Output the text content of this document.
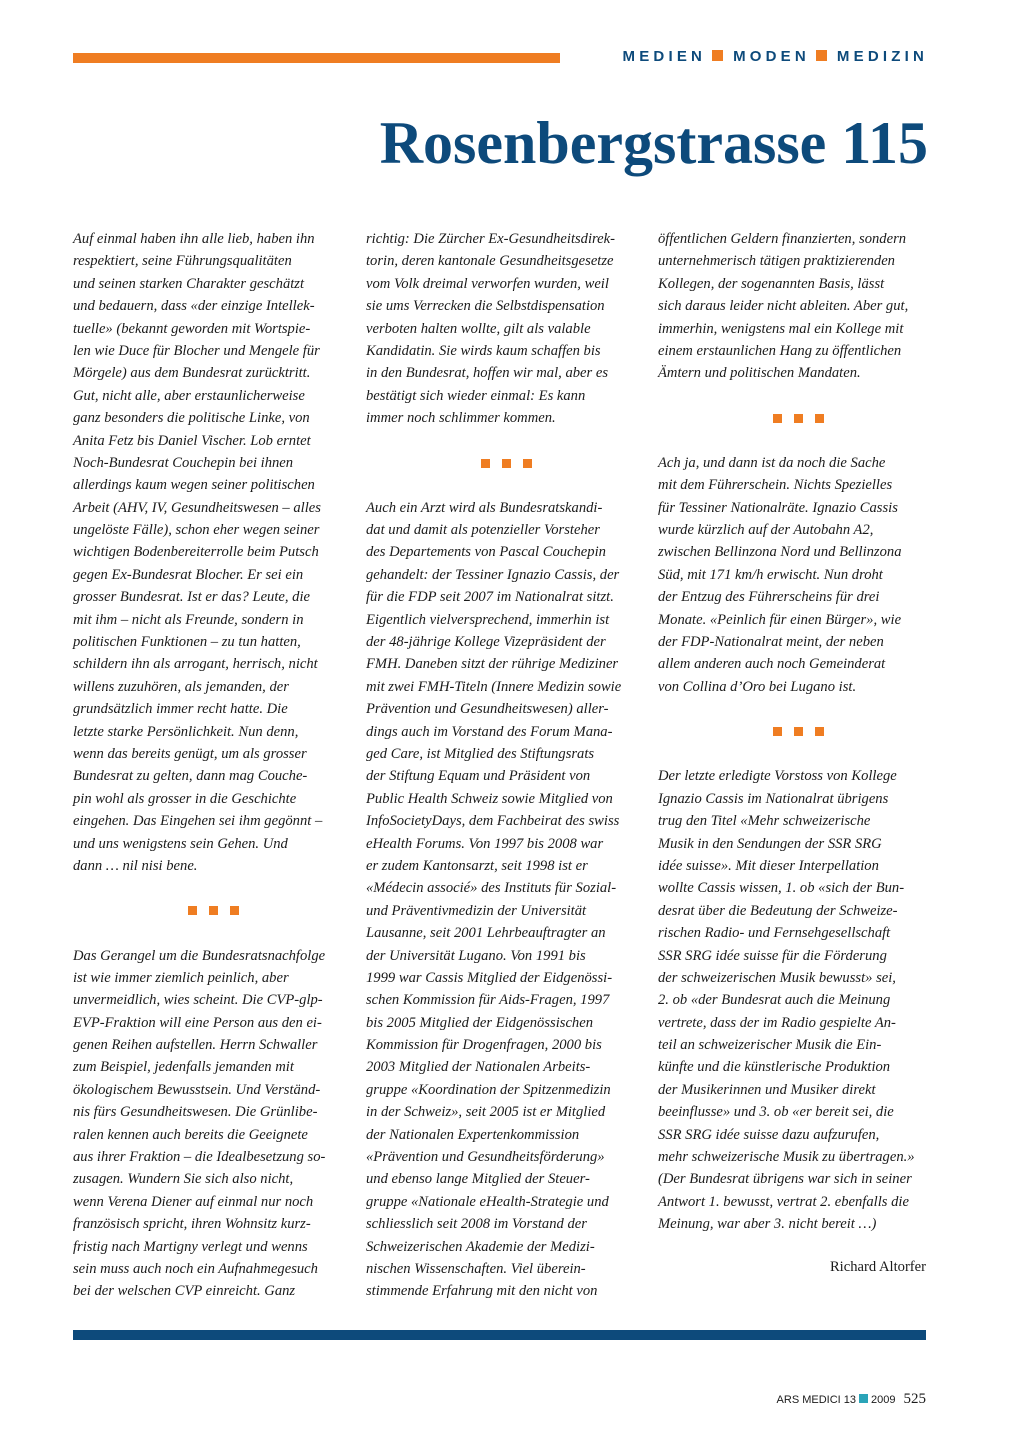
MEDIEN MODEN MEDIZIN
Rosenbergstrasse 115
Auf einmal haben ihn alle lieb, haben ihn
respektiert, seine Führungsqualitäten
und seinen starken Charakter geschätzt
und bedauern, dass «der einzige Intellek-
tuelle» (bekannt geworden mit Wortspie-
len wie Duce für Blocher und Mengele für
Mörgele) aus dem Bundesrat zurücktritt.
Gut, nicht alle, aber erstaunlicherweise
ganz besonders die politische Linke, von
Anita Fetz bis Daniel Vischer. Lob erntet
Noch-Bundesrat Couchepin bei ihnen
allerdings kaum wegen seiner politischen
Arbeit (AHV, IV, Gesundheitswesen – alles
ungelöste Fälle), schon eher wegen seiner
wichtigen Bodenbereiterrolle beim Putsch
gegen Ex-Bundesrat Blocher. Er sei ein
grosser Bundesrat. Ist er das? Leute, die
mit ihm – nicht als Freunde, sondern in
politischen Funktionen – zu tun hatten,
schildern ihn als arrogant, herrisch, nicht
willens zuzuhören, als jemanden, der
grundsätzlich immer recht hatte. Die
letzte starke Persönlichkeit. Nun denn,
wenn das bereits genügt, um als grosser
Bundesrat zu gelten, dann mag Couche-
pin wohl als grosser in die Geschichte
eingehen. Das Eingehen sei ihm gegönnt –
und uns wenigstens sein Gehen. Und
dann … nil nisi bene.
Das Gerangel um die Bundesratsnachfolge
ist wie immer ziemlich peinlich, aber
unvermeidlich, wies scheint. Die CVP-glp-
EVP-Fraktion will eine Person aus den ei-
genen Reihen aufstellen. Herrn Schwaller
zum Beispiel, jedenfalls jemanden mit
ökologischem Bewusstsein. Und Verständ-
nis fürs Gesundheitswesen. Die Grünlibe-
ralen kennen auch bereits die Geeignete
aus ihrer Fraktion – die Idealbesetzung so-
zusagen. Wundern Sie sich also nicht,
wenn Verena Diener auf einmal nur noch
französisch spricht, ihren Wohnsitz kurz-
fristig nach Martigny verlegt und wenns
sein muss auch noch ein Aufnahmegesuch
bei der welschen CVP einreicht. Ganz
richtig: Die Zürcher Ex-Gesundheitsdirek-
torin, deren kantonale Gesundheitsgesetze
vom Volk dreimal verworfen wurden, weil
sie ums Verrecken die Selbstdispensation
verboten halten wollte, gilt als valable
Kandidatin. Sie wirds kaum schaffen bis
in den Bundesrat, hoffen wir mal, aber es
bestätigt sich wieder einmal: Es kann
immer noch schlimmer kommen.
Auch ein Arzt wird als Bundesratskandi-
dat und damit als potenzieller Vorsteher
des Departements von Pascal Couchepin
gehandelt: der Tessiner Ignazio Cassis, der
für die FDP seit 2007 im Nationalrat sitzt.
Eigentlich vielversprechend, immerhin ist
der 48-jährige Kollege Vizepräsident der
FMH. Daneben sitzt der rührige Mediziner
mit zwei FMH-Titeln (Innere Medizin sowie
Prävention und Gesundheitswesen) aller-
dings auch im Vorstand des Forum Mana-
ged Care, ist Mitglied des Stiftungsrats
der Stiftung Equam und Präsident von
Public Health Schweiz sowie Mitglied von
InfoSocietyDays, dem Fachbeirat des swiss
eHealth Forums. Von 1997 bis 2008 war
er zudem Kantonsarzt, seit 1998 ist er
«Médecin associé» des Instituts für Sozial-
und Präventivmedizin der Universität
Lausanne, seit 2001 Lehrbeauftragter an
der Universität Lugano. Von 1991 bis
1999 war Cassis Mitglied der Eidgenössi-
schen Kommission für Aids-Fragen, 1997
bis 2005 Mitglied der Eidgenössischen
Kommission für Drogenfragen, 2000 bis
2003 Mitglied der Nationalen Arbeits-
gruppe «Koordination der Spitzenmedizin
in der Schweiz», seit 2005 ist er Mitglied
der Nationalen Expertenkommission
«Prävention und Gesundheitsförderung»
und ebenso lange Mitglied der Steuer-
gruppe «Nationale eHealth-Strategie und
schliesslich seit 2008 im Vorstand der
Schweizerischen Akademie der Medizi-
nischen Wissenschaften. Viel überein-
stimmende Erfahrung mit den nicht von
öffentlichen Geldern finanzierten, sondern
unternehmerisch tätigen praktizierenden
Kollegen, der sogenannten Basis, lässt
sich daraus leider nicht ableiten. Aber gut,
immerhin, wenigstens mal ein Kollege mit
einem erstaunlichen Hang zu öffentlichen
Ämtern und politischen Mandaten.
Ach ja, und dann ist da noch die Sache
mit dem Führerschein. Nichts Spezielles
für Tessiner Nationalräte. Ignazio Cassis
wurde kürzlich auf der Autobahn A2,
zwischen Bellinzona Nord und Bellinzona
Süd, mit 171 km/h erwischt. Nun droht
der Entzug des Führerscheins für drei
Monate. «Peinlich für einen Bürger», wie
der FDP-Nationalrat meint, der neben
allem anderen auch noch Gemeinderat
von Collina d’Oro bei Lugano ist.
Der letzte erledigte Vorstoss von Kollege
Ignazio Cassis im Nationalrat übrigens
trug den Titel «Mehr schweizerische
Musik in den Sendungen der SSR SRG
idée suisse». Mit dieser Interpellation
wollte Cassis wissen, 1. ob «sich der Bun-
desrat über die Bedeutung der Schweize-
rischen Radio- und Fernsehgesellschaft
SSR SRG idée suisse für die Förderung
der schweizerischen Musik bewusst» sei,
2. ob «der Bundesrat auch die Meinung
vertrete, dass der im Radio gespielte An-
teil an schweizerischer Musik die Ein-
künfte und die künstlerische Produktion
der Musikerinnen und Musiker direkt
beeinflusse» und 3. ob «er bereit sei, die
SSR SRG idée suisse dazu aufzurufen,
mehr schweizerische Musik zu übertragen.»
(Der Bundesrat übrigens war sich in seiner
Antwort 1. bewusst, vertrat 2. ebenfalls die
Meinung, war aber 3. nicht bereit …)
Richard Altorfer
ARS MEDICI 13 2009 525
